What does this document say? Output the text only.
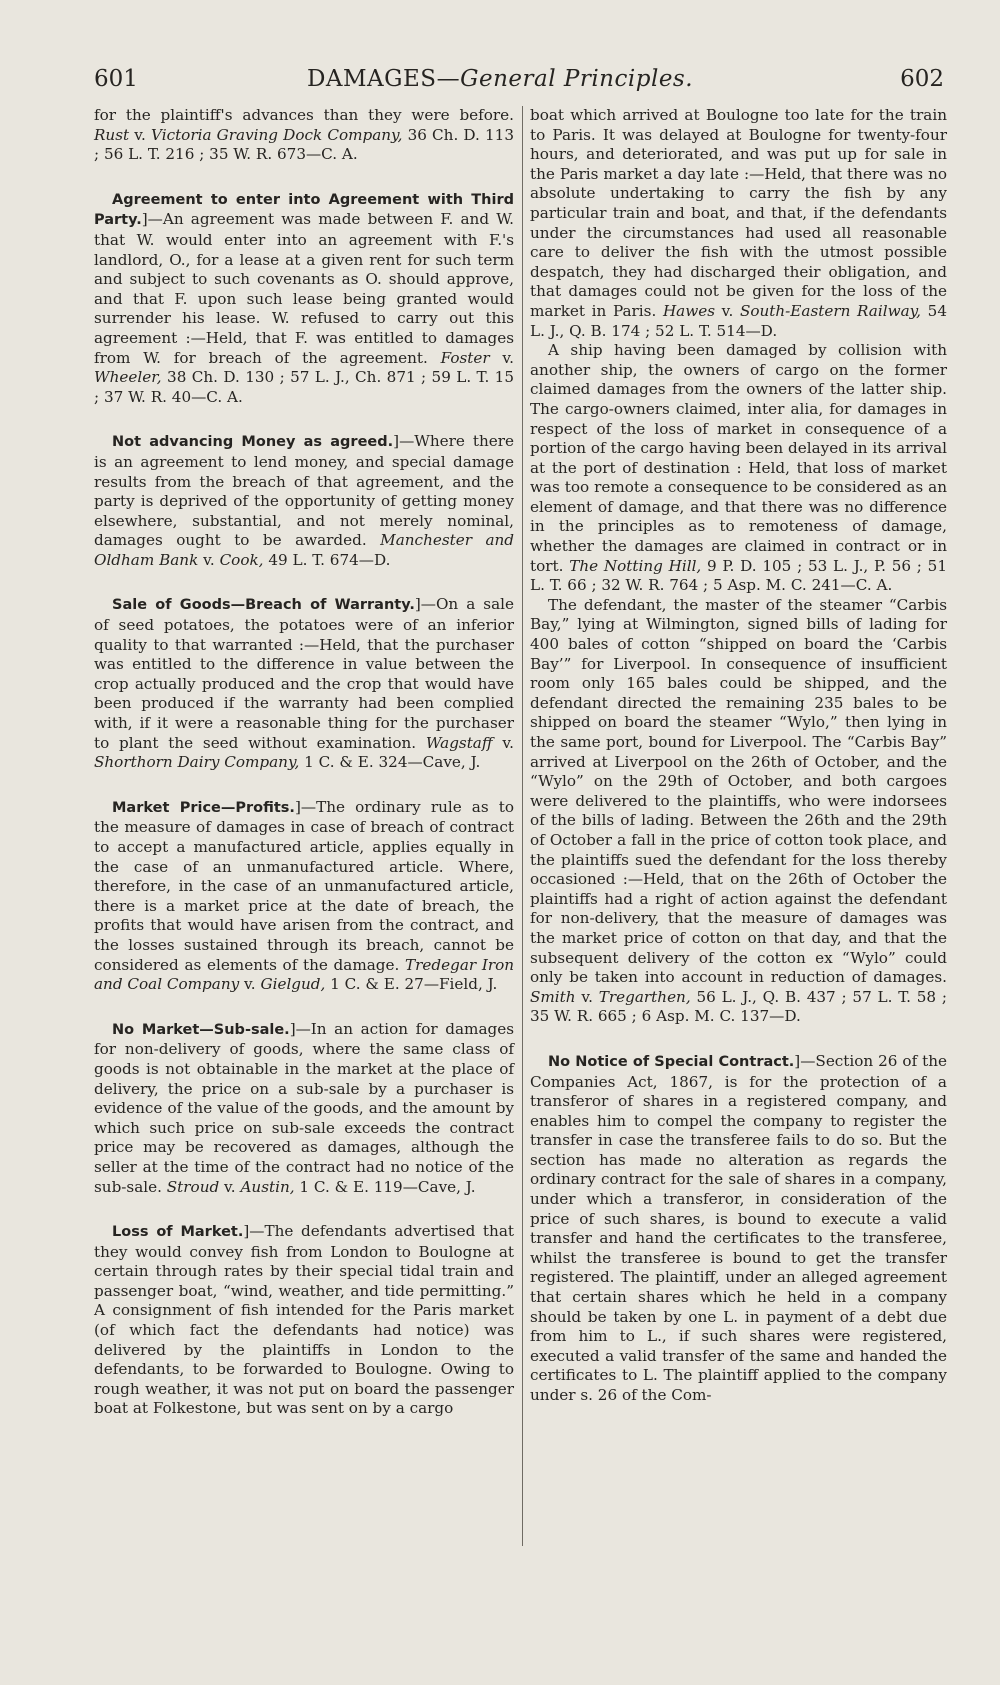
601	DAMAGES—General Principles.	602

for the plaintiff's advances than they were before. Rust v. Victoria Graving Dock Company, 36 Ch. D. 113 ; 56 L. T. 216 ; 35 W. R. 673—C. A.

Agreement to enter into Agreement with Third Party.]—An agreement was made between F. and W. that W. would enter into an agreement with F.'s landlord, O., for a lease at a given rent for such term and subject to such covenants as O. should approve, and that F. upon such lease being granted would surrender his lease. W. refused to carry out this agreement :—Held, that F. was entitled to damages from W. for breach of the agreement. Foster v. Wheeler, 38 Ch. D. 130 ; 57 L. J., Ch. 871 ; 59 L. T. 15 ; 37 W. R. 40—C. A.

Not advancing Money as agreed.]—Where there is an agreement to lend money, and special damage results from the breach of that agreement, and the party is deprived of the opportunity of getting money elsewhere, substantial, and not merely nominal, damages ought to be awarded. Manchester and Oldham Bank v. Cook, 49 L. T. 674—D.

Sale of Goods—Breach of Warranty.]—On a sale of seed potatoes, the potatoes were of an inferior quality to that warranted :—Held, that the purchaser was entitled to the difference in value between the crop actually produced and the crop that would have been produced if the warranty had been complied with, if it were a reasonable thing for the purchaser to plant the seed without examination. Wagstaff v. Shorthorn Dairy Company, 1 C. & E. 324—Cave, J.

Market Price—Profits.]—The ordinary rule as to the measure of damages in case of breach of contract to accept a manufactured article, applies equally in the case of an unmanufactured article. Where, therefore, in the case of an unmanufactured article, there is a market price at the date of breach, the profits that would have arisen from the contract, and the losses sustained through its breach, cannot be considered as elements of the damage. Tredegar Iron and Coal Company v. Gielgud, 1 C. & E. 27—Field, J.

No Market—Sub-sale.]—In an action for damages for non-delivery of goods, where the same class of goods is not obtainable in the market at the place of delivery, the price on a sub-sale by a purchaser is evidence of the value of the goods, and the amount by which such price on sub-sale exceeds the contract price may be recovered as damages, although the seller at the time of the contract had no notice of the sub-sale. Stroud v. Austin, 1 C. & E. 119—Cave, J.

Loss of Market.]—The defendants advertised that they would convey fish from London to Boulogne at certain through rates by their special tidal train and passenger boat, “wind, weather, and tide permitting.” A consignment of fish intended for the Paris market (of which fact the defendants had notice) was delivered by the plaintiffs in London to the defendants, to be forwarded to Boulogne. Owing to rough weather, it was not put on board the passenger boat at Folkestone, but was sent on by a cargo

boat which arrived at Boulogne too late for the train to Paris. It was delayed at Boulogne for twenty-four hours, and deteriorated, and was put up for sale in the Paris market a day late :—Held, that there was no absolute undertaking to carry the fish by any particular train and boat, and that, if the defendants under the circumstances had used all reasonable care to deliver the fish with the utmost possible despatch, they had discharged their obligation, and that damages could not be given for the loss of the market in Paris. Hawes v. South-Eastern Railway, 54 L. J., Q. B. 174 ; 52 L. T. 514—D.

A ship having been damaged by collision with another ship, the owners of cargo on the former claimed damages from the owners of the latter ship. The cargo-owners claimed, inter alia, for damages in respect of the loss of market in consequence of a portion of the cargo having been delayed in its arrival at the port of destination : Held, that loss of market was too remote a consequence to be considered as an element of damage, and that there was no difference in the principles as to remoteness of damage, whether the damages are claimed in contract or in tort. The Notting Hill, 9 P. D. 105 ; 53 L. J., P. 56 ; 51 L. T. 66 ; 32 W. R. 764 ; 5 Asp. M. C. 241—C. A.

The defendant, the master of the steamer “Carbis Bay,” lying at Wilmington, signed bills of lading for 400 bales of cotton “shipped on board the ‘Carbis Bay’” for Liverpool. In consequence of insufficient room only 165 bales could be shipped, and the defendant directed the remaining 235 bales to be shipped on board the steamer “Wylo,” then lying in the same port, bound for Liverpool. The “Carbis Bay” arrived at Liverpool on the 26th of October, and the “Wylo” on the 29th of October, and both cargoes were delivered to the plaintiffs, who were indorsees of the bills of lading. Between the 26th and the 29th of October a fall in the price of cotton took place, and the plaintiffs sued the defendant for the loss thereby occasioned :—Held, that on the 26th of October the plaintiffs had a right of action against the defendant for non-delivery, that the measure of damages was the market price of cotton on that day, and that the subsequent delivery of the cotton ex “Wylo” could only be taken into account in reduction of damages. Smith v. Tregarthen, 56 L. J., Q. B. 437 ; 57 L. T. 58 ; 35 W. R. 665 ; 6 Asp. M. C. 137—D.

No Notice of Special Contract.]—Section 26 of the Companies Act, 1867, is for the protection of a transferor of shares in a registered company, and enables him to compel the company to register the transfer in case the transferee fails to do so. But the section has made no alteration as regards the ordinary contract for the sale of shares in a company, under which a transferor, in consideration of the price of such shares, is bound to execute a valid transfer and hand the certificates to the transferee, whilst the transferee is bound to get the transfer registered. The plaintiff, under an alleged agreement that certain shares which he held in a company should be taken by one L. in payment of a debt due from him to L., if such shares were registered, executed a valid transfer of the same and handed the certificates to L. The plaintiff applied to the company under s. 26 of the Com-
